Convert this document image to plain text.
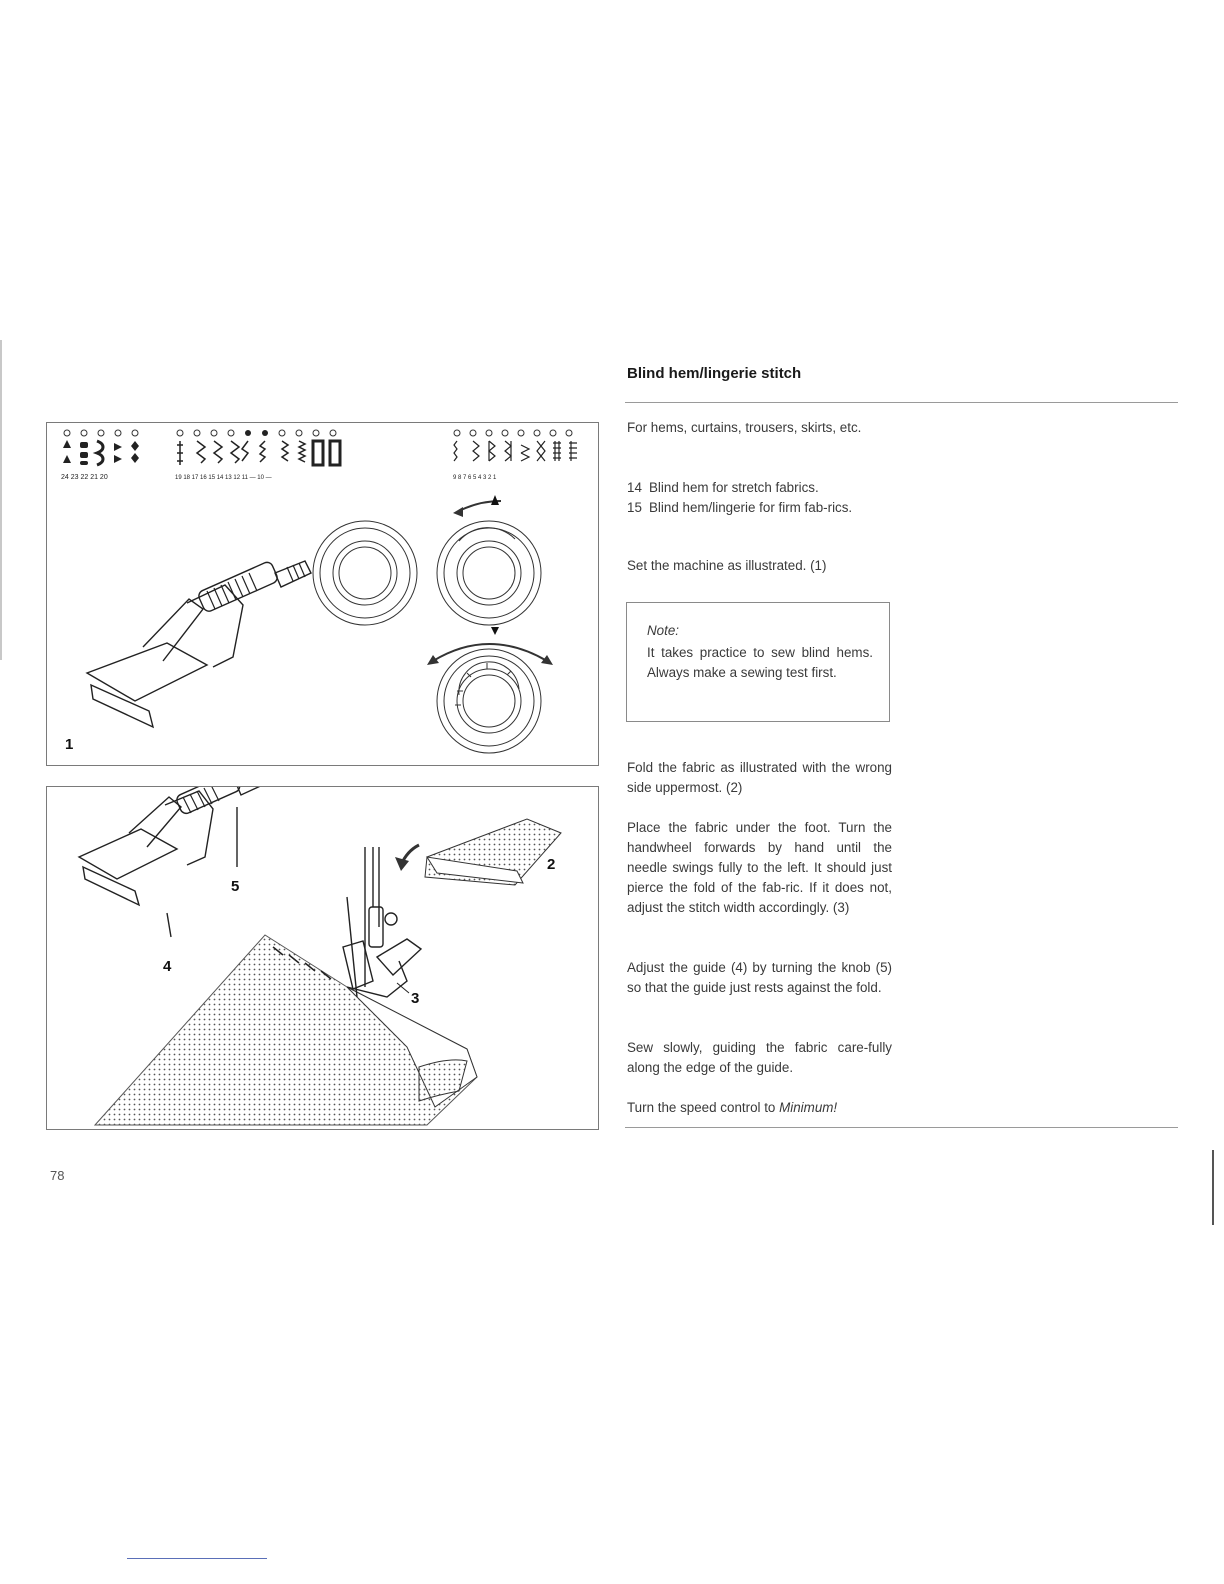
Blind hem/lingerie stitch
For hems, curtains, trousers, skirts, etc.
14 Blind hem for stretch fabrics.
15 Blind hem/lingerie for firm fab-rics.
Set the machine as illustrated. (1)
Note:
It takes practice to sew blind hems. Always make a sewing test first.
Fold the fabric as illustrated with the wrong side uppermost. (2)
Place the fabric under the foot. Turn the handwheel forwards by hand until the needle swings fully to the left. It should just pierce the fold of the fab-ric. If it does not, adjust the stitch width accordingly. (3)
Adjust the guide (4) by turning the knob (5) so that the guide just rests against the fold.
Sew slowly, guiding the fabric care-fully along the edge of the guide.
Turn the speed control to Minimum!
24 23 22 21 20	19 18 17 16 15 14 13 12 11 — 10 —	9 8 7 6 5 4 3 2 1
1
2
3
4
5
78
